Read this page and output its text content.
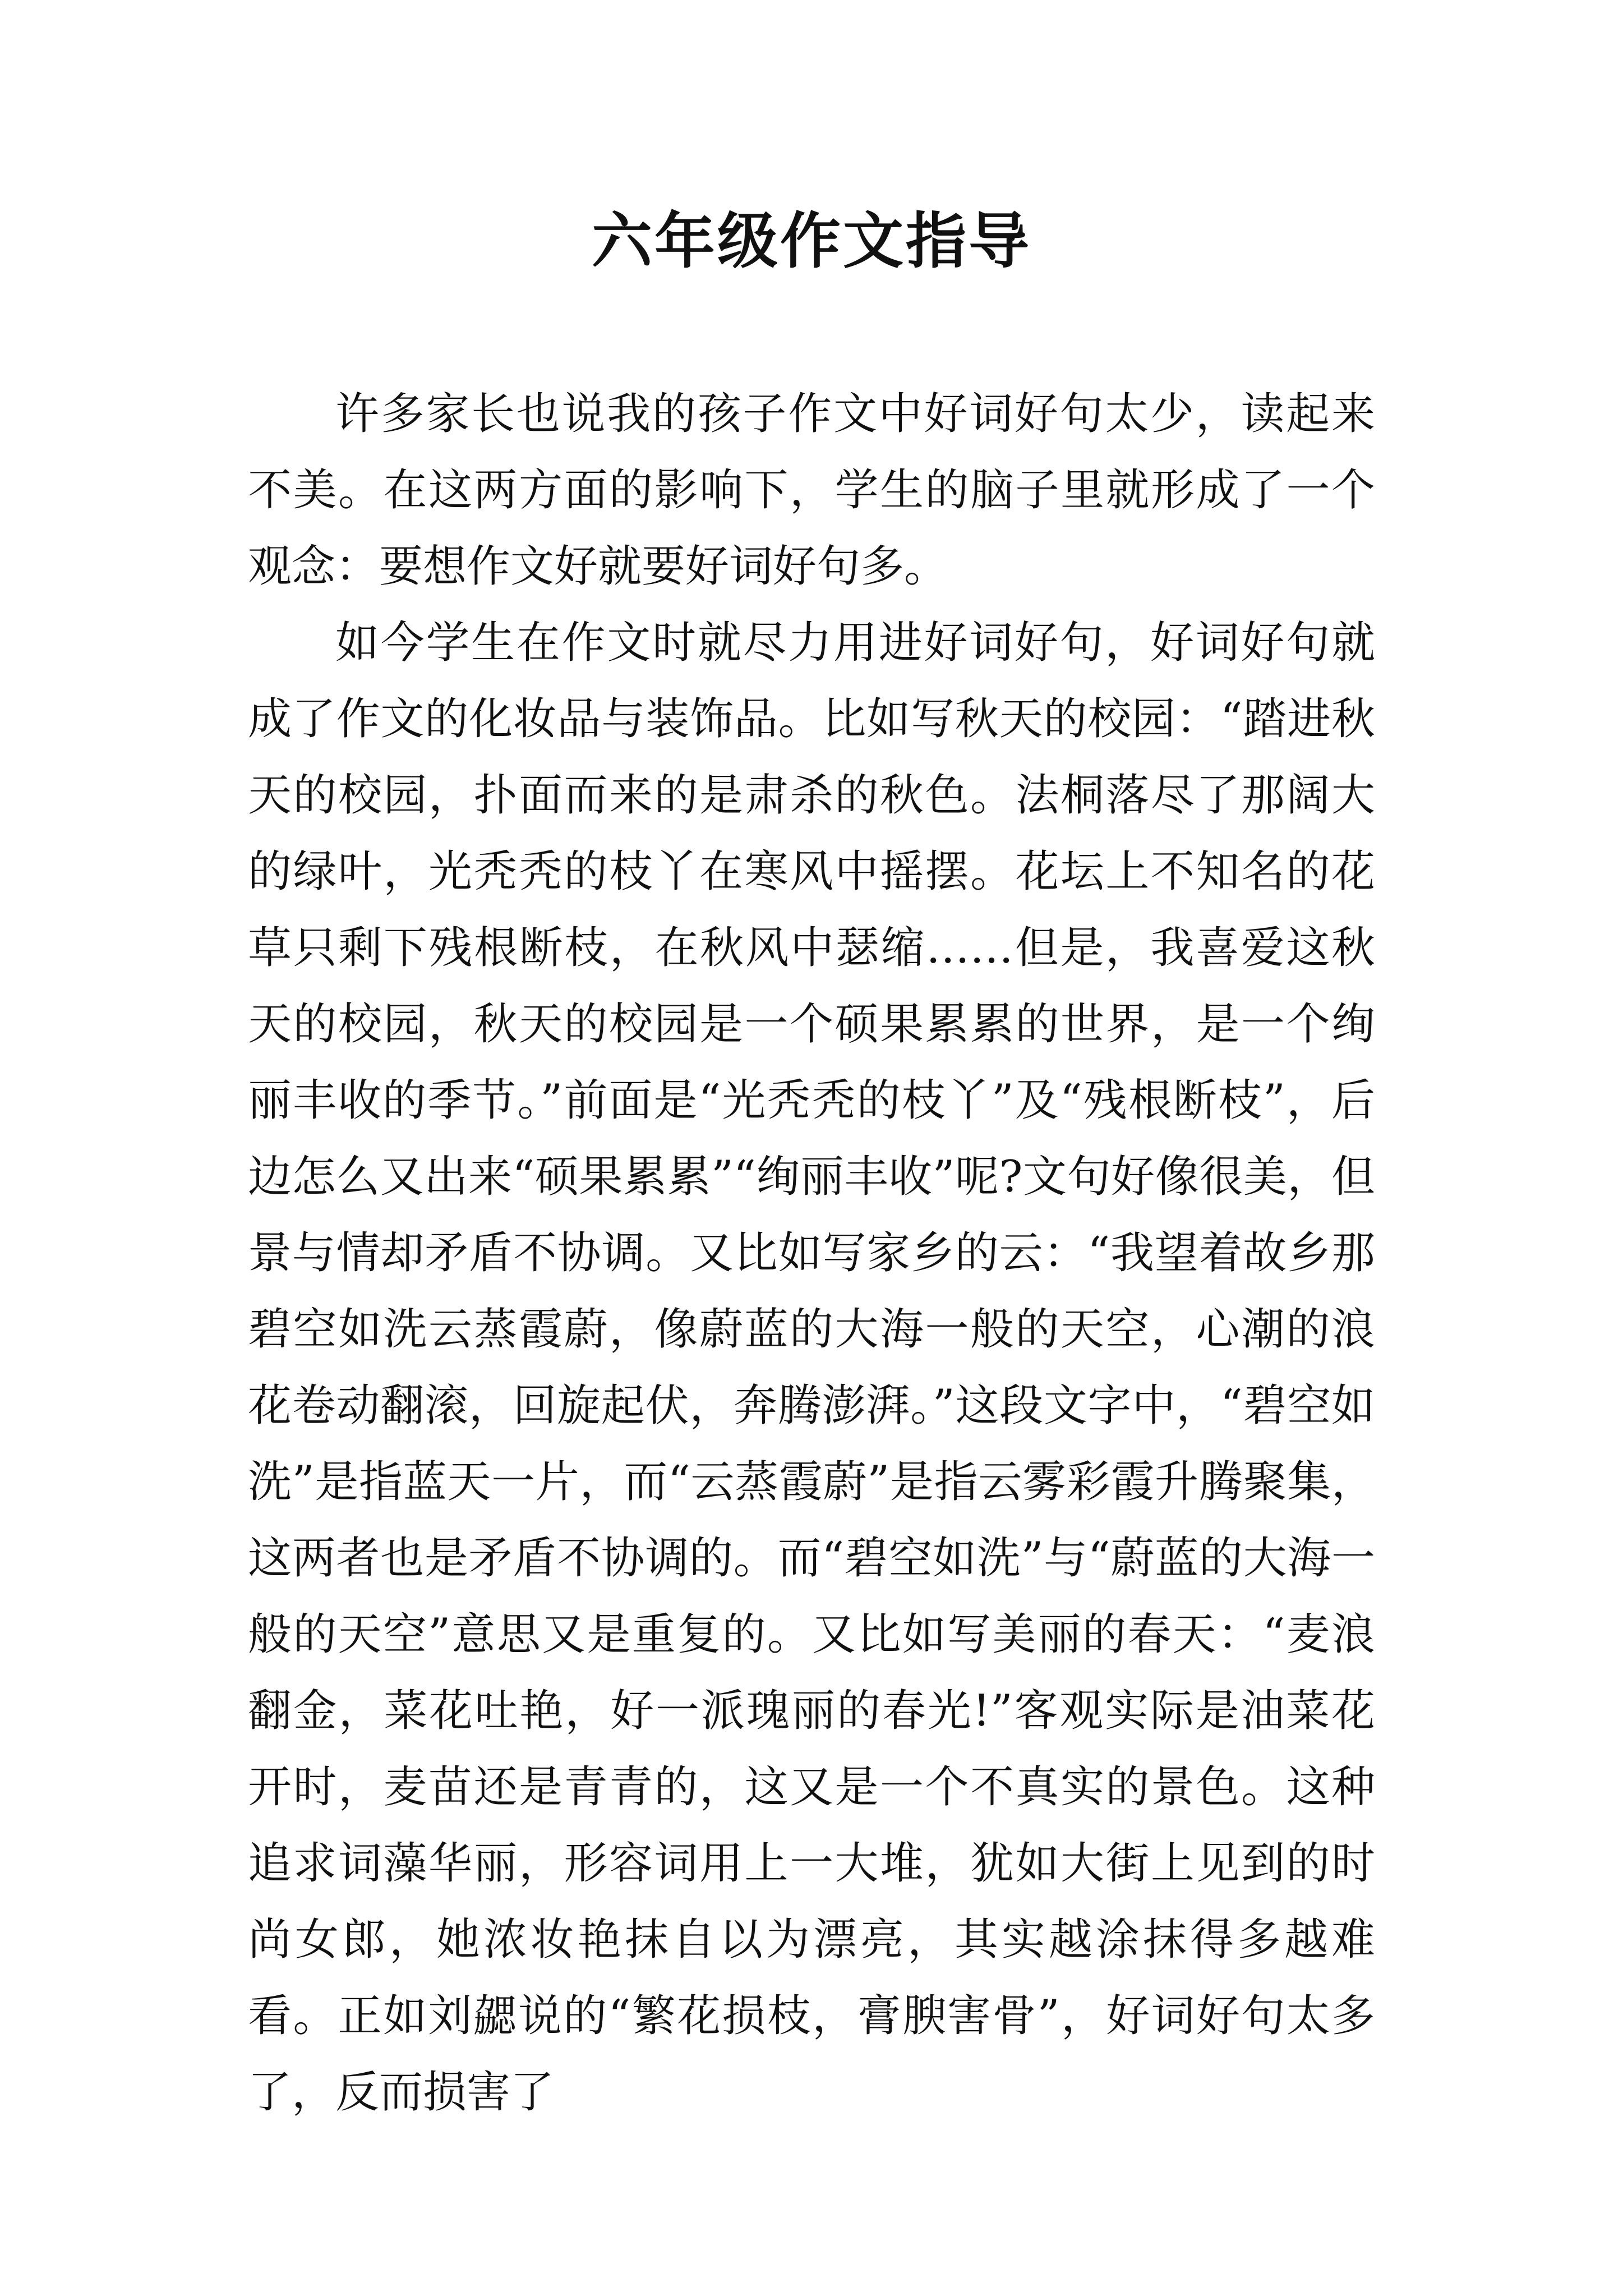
六年级作文指导

许多家长也说我的孩子作文中好词好句太少，读起来不美。在这两方面的影响下，学生的脑子里就形成了一个观念：要想作文好就要好词好句多。

如今学生在作文时就尽力用进好词好句，好词好句就成了作文的化妆品与装饰品。比如写秋天的校园：“踏进秋天的校园，扑面而来的是肃杀的秋色。法桐落尽了那阔大的绿叶，光秃秃的枝丫在寒风中摇摆。花坛上不知名的花草只剩下残根断枝，在秋风中瑟缩……但是，我喜爱这秋天的校园，秋天的校园是一个硕果累累的世界，是一个绚丽丰收的季节。”前面是“光秃秃的枝丫”及“残根断枝”，后边怎么又出来“硕果累累”“绚丽丰收”呢?文句好像很美，但景与情却矛盾不协调。又比如写家乡的云：“我望着故乡那碧空如洗云蒸霞蔚，像蔚蓝的大海一般的天空，心潮的浪花卷动翻滚，回旋起伏，奔腾澎湃。”这段文字中，“碧空如洗”是指蓝天一片，而“云蒸霞蔚”是指云雾彩霞升腾聚集，这两者也是矛盾不协调的。而“碧空如洗”与“蔚蓝的大海一般的天空”意思又是重复的。又比如写美丽的春天：“麦浪翻金，菜花吐艳，好一派瑰丽的春光!”客观实际是油菜花开时，麦苗还是青青的，这又是一个不真实的景色。这种追求词藻华丽，形容词用上一大堆，犹如大街上见到的时尚女郎，她浓妆艳抹自以为漂亮，其实越涂抹得多越难看。正如刘勰说的“繁花损枝，膏腴害骨”，好词好句太多了，反而损害了
